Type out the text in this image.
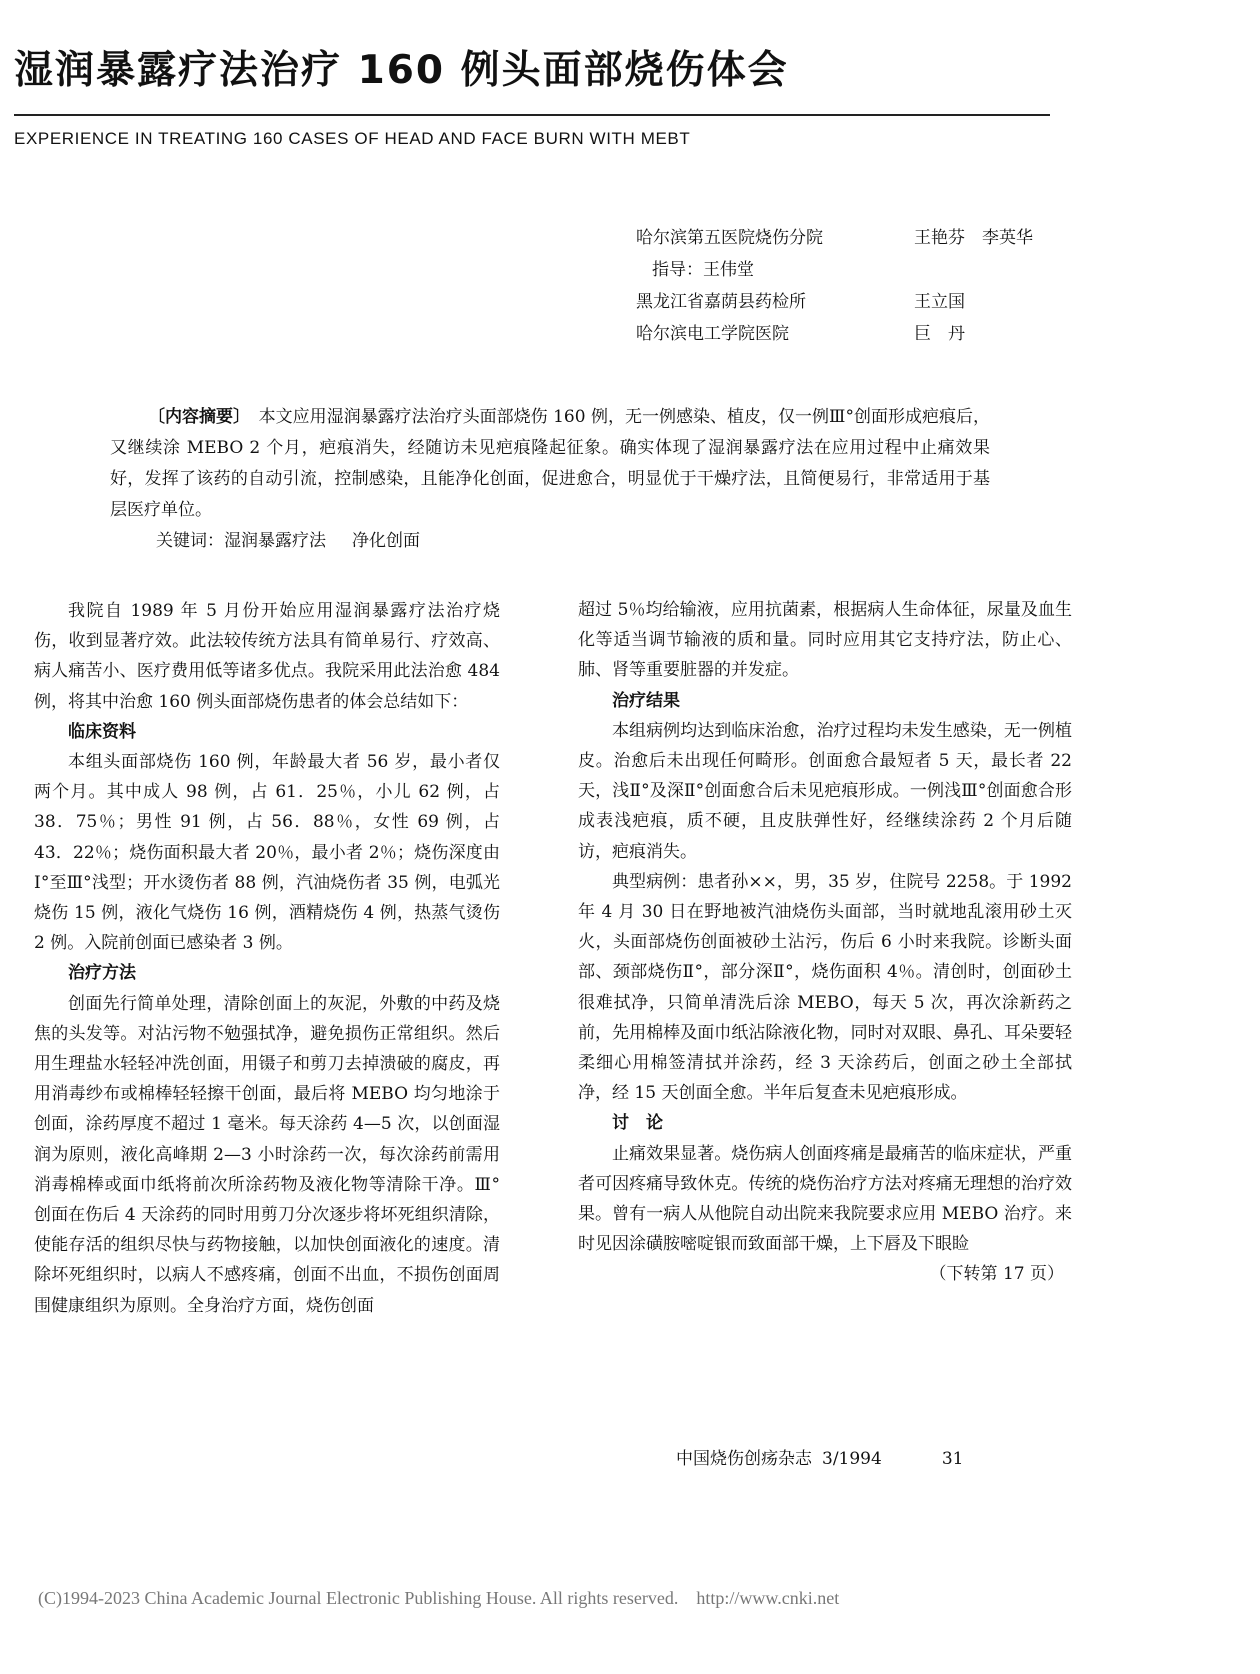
湿润暴露疗法治疗 160 例头面部烧伤体会
EXPERIENCE IN TREATING 160 CASES OF HEAD AND FACE BURN WITH MEBT
哈尔滨第五医院烧伤分院	王艳芬　李英华
指导：王伟堂
黑龙江省嘉荫县药检所	王立国
哈尔滨电工学院医院	巨　丹

〔内容摘要〕　 本文应用湿润暴露疗法治疗头面部烧伤 160 例，无一例感染、植皮，仅一例Ⅲ°创面形成疤痕后，又继续涂 MEBO 2 个月，疤痕消失，经随访未见疤痕隆起征象。确实体现了湿润暴露疗法在应用过程中止痛效果好，发挥了该药的自动引流，控制感染，且能净化创面，促进愈合，明显优于干燥疗法，且简便易行，非常适用于基层医疗单位。

关键词：湿润暴露疗法 净化创面

我院自 1989 年 5 月份开始应用湿润暴露疗法治疗烧伤，收到显著疗效。此法较传统方法具有简单易行、疗效高、病人痛苦小、医疗费用低等诸多优点。我院采用此法治愈 484 例，将其中治愈 160 例头面部烧伤患者的体会总结如下：

临床资料

本组头面部烧伤 160 例，年龄最大者 56 岁，最小者仅两个月。其中成人 98 例，占 61．25％，小儿 62 例，占 38．75％；男性 91 例，占 56．88％，女性 69 例，占 43．22％；烧伤面积最大者 20％，最小者 2％；烧伤深度由Ⅰ°至Ⅲ°浅型；开水烫伤者 88 例，汽油烧伤者 35 例，电弧光烧伤 15 例，液化气烧伤 16 例，酒精烧伤 4 例，热蒸气烫伤 2 例。入院前创面已感染者 3 例。

治疗方法

创面先行简单处理，清除创面上的灰泥，外敷的中药及烧焦的头发等。对沾污物不勉强拭净，避免损伤正常组织。然后用生理盐水轻轻冲洗创面，用镊子和剪刀去掉溃破的腐皮，再用消毒纱布或棉棒轻轻擦干创面，最后将 MEBO 均匀地涂于创面，涂药厚度不超过 1 毫米。每天涂药 4—5 次，以创面湿润为原则，液化高峰期 2—3 小时涂药一次，每次涂药前需用消毒棉棒或面巾纸将前次所涂药物及液化物等清除干净。Ⅲ°创面在伤后 4 天涂药的同时用剪刀分次逐步将坏死组织清除，使能存活的组织尽快与药物接触，以加快创面液化的速度。清除坏死组织时，以病人不感疼痛，创面不出血，不损伤创面周围健康组织为原则。全身治疗方面，烧伤创面

超过 5％均给输液，应用抗菌素，根据病人生命体征，尿量及血生化等适当调节输液的质和量。同时应用其它支持疗法，防止心、肺、肾等重要脏器的并发症。

治疗结果

本组病例均达到临床治愈，治疗过程均未发生感染，无一例植皮。治愈后未出现任何畸形。创面愈合最短者 5 天，最长者 22 天，浅Ⅱ°及深Ⅱ°创面愈合后未见疤痕形成。一例浅Ⅲ°创面愈合形成表浅疤痕，质不硬，且皮肤弹性好，经继续涂药 2 个月后随访，疤痕消失。

典型病例：患者孙××，男，35 岁，住院号 2258。于 1992 年 4 月 30 日在野地被汽油烧伤头面部，当时就地乱滚用砂土灭火，头面部烧伤创面被砂土沾污，伤后 6 小时来我院。诊断头面部、颈部烧伤Ⅱ°，部分深Ⅱ°，烧伤面积 4％。清创时，创面砂土很难拭净，只简单清洗后涂 MEBO，每天 5 次，再次涂新药之前，先用棉棒及面巾纸沾除液化物，同时对双眼、鼻孔、耳朵要轻柔细心用棉签清拭并涂药，经 3 天涂药后，创面之砂土全部拭净，经 15 天创面全愈。半年后复查未见疤痕形成。

讨　论

止痛效果显著。烧伤病人创面疼痛是最痛苦的临床症状，严重者可因疼痛导致休克。传统的烧伤治疗方法对疼痛无理想的治疗效果。曾有一病人从他院自动出院来我院要求应用 MEBO 治疗。来时见因涂磺胺嘧啶银而致面部干燥，上下唇及下眼睑

（下转第 17 页）

中国烧伤创疡杂志 3/1994	31
(C)1994-2023 China Academic Journal Electronic Publishing House. All rights reserved.　http://www.cnki.net
